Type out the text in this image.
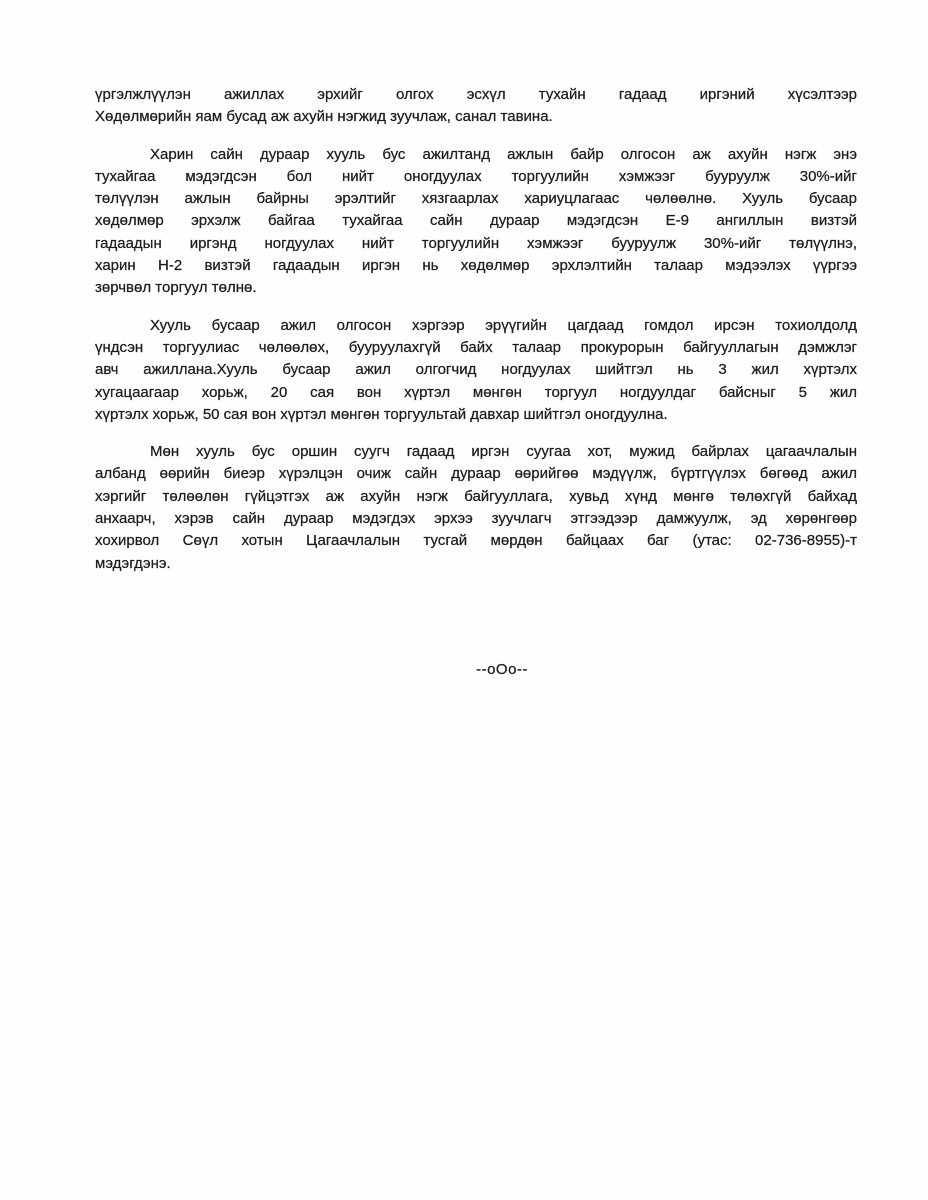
үргэлжлүүлэн ажиллах эрхийг олгох эсхүл тухайн гадаад иргэний хүсэлтээр
Хөдөлмөрийн яам бусад аж ахуйн нэгжид зуучлаж, санал тавина.

Харин сайн дураар хууль бус ажилтанд ажлын байр олгосон аж ахуйн нэгж энэ
тухайгаа мэдэгдсэн бол нийт оногдуулах торгуулийн хэмжээг бууруулж 30%-ийг
төлүүлэн ажлын байрны эрэлтийг хязгаарлах хариуцлагаас чөлөөлнө. Хууль бусаар
хөдөлмөр эрхэлж байгаа тухайгаа сайн дураар мэдэгдсэн E-9 ангиллын визтэй
гадаадын иргэнд ногдуулах нийт торгуулийн хэмжээг бууруулж 30%-ийг төлүүлнэ,
харин H-2 визтэй гадаадын иргэн нь хөдөлмөр эрхлэлтийн талаар мэдээлэх үүргээ
зөрчвөл торгуул төлнө.

Хууль бусаар ажил олгосон хэргээр эрүүгийн цагдаад гомдол ирсэн тохиолдолд
үндсэн торгуулиас чөлөөлөх, бууруулахгүй байх талаар прокурорын байгууллагын дэмжлэг
авч ажиллана.Хууль бусаар ажил олгогчид ногдуулах шийтгэл нь 3 жил хүртэлх
хугацаагаар хорьж, 20 сая вон хүртэл мөнгөн торгуул ногдуулдаг байсныг 5 жил
хүртэлх хорьж, 50 сая вон хүртэл мөнгөн торгуультай давхар шийтгэл оногдуулна.

Мөн хууль бус оршин суугч гадаад иргэн суугаа хот, мужид байрлах цагаачлалын
албанд өөрийн биеэр хүрэлцэн очиж сайн дураар өөрийгөө мэдүүлж, бүртгүүлэх бөгөөд ажил
хэргийг төлөөлөн гүйцэтгэх аж ахуйн нэгж байгууллага, хувьд хүнд мөнгө төлөхгүй байхад
анхаарч, хэрэв сайн дураар мэдэгдэх эрхээ зуучлагч этгээдээр дамжуулж, эд хөрөнгөөр
хохирвол Сөүл хотын Цагаачлалын тусгай мөрдөн байцаах баг (утас: 02-736-8955)-т
мэдэгдэнэ.

--oOo--
